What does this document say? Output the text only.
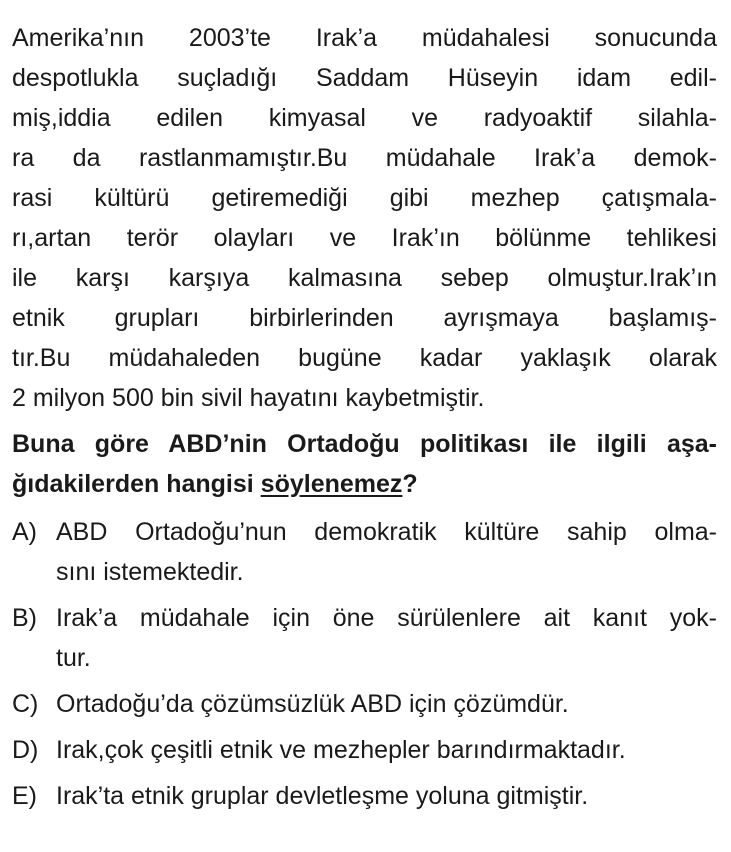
Amerika’nın 2003’te Irak’a müdahalesi sonucunda
despotlukla suçladığı Saddam Hüseyin idam edil-
miş,iddia edilen kimyasal ve radyoaktif silahla-
ra da rastlanmamıştır.Bu müdahale Irak’a demok-
rasi kültürü getiremediği gibi mezhep çatışmala-
rı,artan terör olayları ve Irak’ın bölünme tehlikesi
ile karşı karşıya kalmasına sebep olmuştur.Irak’ın
etnik grupları birbirlerinden ayrışmaya başlamış-
tır.Bu müdahaleden bugüne kadar yaklaşık olarak
2 milyon 500 bin sivil hayatını kaybetmiştir.
Buna göre ABD’nin Ortadoğu politikası ile ilgili aşa-
ğıdakilerden hangisi söylenemez?
A) ABD Ortadoğu’nun demokratik kültüre sahip olma-
sını istemektedir.
B) Irak’a müdahale için öne sürülenlere ait kanıt yok-
tur.
C) Ortadoğu’da çözümsüzlük ABD için çözümdür.
D) Irak,çok çeşitli etnik ve mezhepler barındırmaktadır.
E) Irak’ta etnik gruplar devletleşme yoluna gitmiştir.
